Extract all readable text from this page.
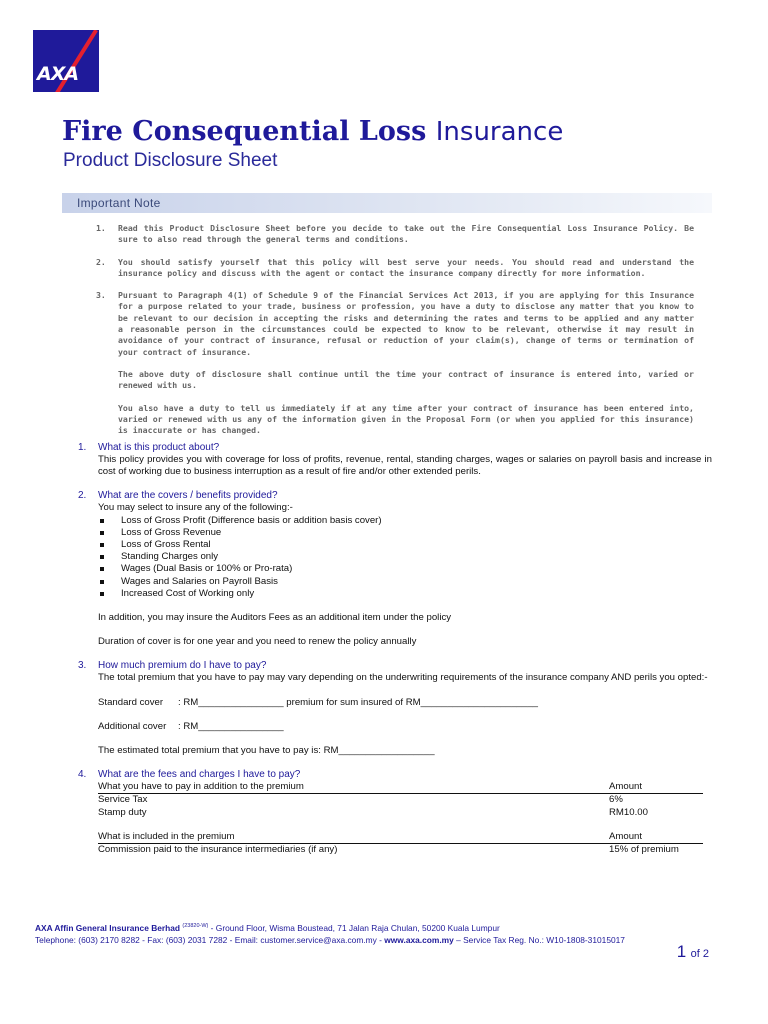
AXA
Fire Consequential Loss Insurance
Product Disclosure Sheet
Important Note

1. Read this Product Disclosure Sheet before you decide to take out the Fire Consequential Loss Insurance Policy. Be sure to also read through the general terms and conditions.

2. You should satisfy yourself that this policy will best serve your needs. You should read and understand the insurance policy and discuss with the agent or contact the insurance company directly for more information.

3. Pursuant to Paragraph 4(1) of Schedule 9 of the Financial Services Act 2013, if you are applying for this Insurance for a purpose related to your trade, business or profession, you have a duty to disclose any matter that you know to be relevant to our decision in accepting the risks and determining the rates and terms to be applied and any matter a reasonable person in the circumstances could be expected to know to be relevant, otherwise it may result in avoidance of your contract of insurance, refusal or reduction of your claim(s), change of terms or termination of your contract of insurance.

The above duty of disclosure shall continue until the time your contract of insurance is entered into, varied or renewed with us.

You also have a duty to tell us immediately if at any time after your contract of insurance has been entered into, varied or renewed with us any of the information given in the Proposal Form (or when you applied for this insurance) is inaccurate or has changed.

1.	What is this product about?
This policy provides you with coverage for loss of profits, revenue, rental, standing charges, wages or salaries on payroll basis and increase in cost of working due to business interruption as a result of fire and/or other extended perils.
2.	What are the covers / benefits provided?
You may select to insure any of the following:-
Loss of Gross Profit (Difference basis or addition basis cover)
Loss of Gross Revenue
Loss of Gross Rental
Standing Charges only
Wages (Dual Basis or 100% or Pro-rata)
Wages and Salaries on Payroll Basis
Increased Cost of Working only
In addition, you may insure the Auditors Fees as an additional item under the policy
Duration of cover is for one year and you need to renew the policy annually
3.	How much premium do I have to pay?
The total premium that you have to pay may vary depending on the underwriting requirements of the insurance company AND perils you opted:-
Standard cover	: RM________________ premium for sum insured of RM______________________
Additional cover	: RM________________
The estimated total premium that you have to pay is: RM__________________
4.	What are the fees and charges I have to pay?
What you have to pay in addition to the premium	Amount
Service Tax	6%
Stamp duty	RM10.00
What is included in the premium	Amount
Commission paid to the insurance intermediaries (if any)	15% of premium
AXA Affin General Insurance Berhad $^{(23820-W)}$ - Ground Floor, Wisma Boustead, 71 Jalan Raja Chulan, 50200 Kuala Lumpur
Telephone: (603) 2170 8282 - Fax: (603) 2031 7282 - Email: customer.service@axa.com.my - www.axa.com.my – Service Tax Reg. No.: W10-1808-31015017
1 of 2
